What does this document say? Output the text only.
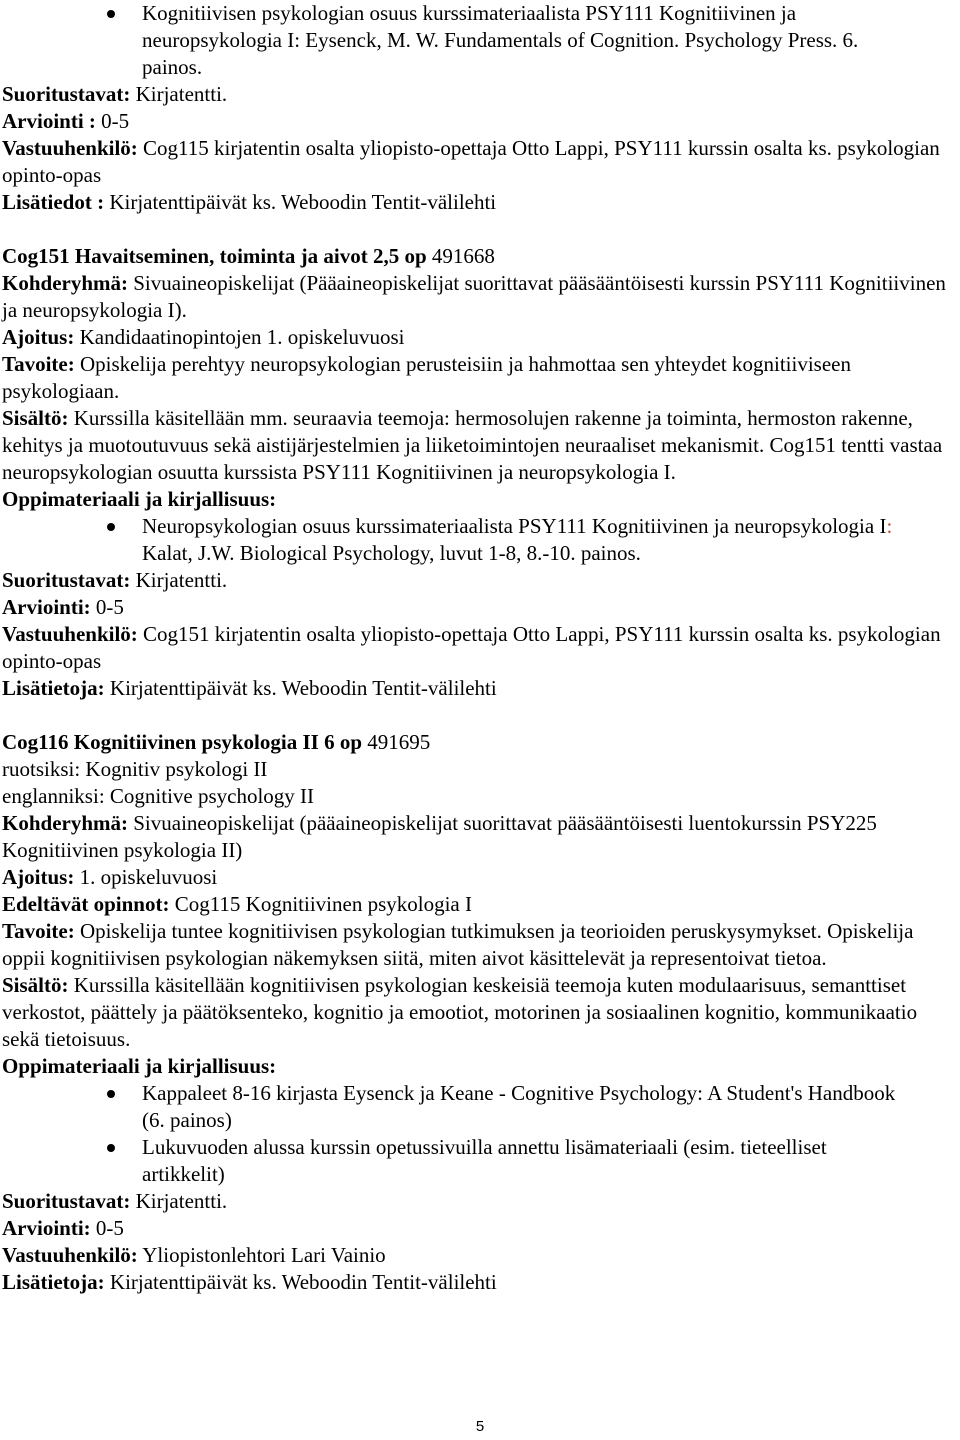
Kognitiivisen psykologian osuus kurssimateriaalista PSY111 Kognitiivinen ja neuropsykologia I: Eysenck, M. W. Fundamentals of Cognition. Psychology Press. 6. painos.

Suoritustavat: Kirjatentti.

Arviointi : 0-5

Vastuuhenkilö: Cog115 kirjatentin osalta yliopisto-opettaja Otto Lappi, PSY111 kurssin osalta ks. psykologian opinto-opas

Lisätiedot : Kirjatenttipäivät ks. Weboodin Tentit-välilehti

Cog151 Havaitseminen, toiminta ja aivot 2,5 op 491668

Kohderyhmä: Sivuaineopiskelijat (Pääaineopiskelijat suorittavat pääsääntöisesti kurssin PSY111 Kognitiivinen ja neuropsykologia I).

Ajoitus: Kandidaatinopintojen 1. opiskeluvuosi

Tavoite: Opiskelija perehtyy neuropsykologian perusteisiin ja hahmottaa sen yhteydet kognitiiviseen psykologiaan.

Sisältö: Kurssilla käsitellään mm. seuraavia teemoja: hermosolujen rakenne ja toiminta, hermoston rakenne, kehitys ja muotoutuvuus sekä aistijärjestelmien ja liiketoimintojen neuraaliset mekanismit. Cog151 tentti vastaa neuropsykologian osuutta kurssista PSY111 Kognitiivinen ja neuropsykologia I.

Oppimateriaali ja kirjallisuus:

Neuropsykologian osuus kurssimateriaalista PSY111 Kognitiivinen ja neuropsykologia I: Kalat, J.W. Biological Psychology, luvut 1-8, 8.-10. painos.

Suoritustavat: Kirjatentti.

Arviointi: 0-5

Vastuuhenkilö: Cog151 kirjatentin osalta yliopisto-opettaja Otto Lappi, PSY111 kurssin osalta ks. psykologian opinto-opas

Lisätietoja: Kirjatenttipäivät ks. Weboodin Tentit-välilehti

Cog116 Kognitiivinen psykologia II 6 op 491695

ruotsiksi: Kognitiv psykologi II

englanniksi: Cognitive psychology II

Kohderyhmä: Sivuaineopiskelijat (pääaineopiskelijat suorittavat pääsääntöisesti luentokurssin PSY225 Kognitiivinen psykologia II)

Ajoitus: 1. opiskeluvuosi

Edeltävät opinnot: Cog115 Kognitiivinen psykologia I

Tavoite: Opiskelija tuntee kognitiivisen psykologian tutkimuksen ja teorioiden peruskysymykset. Opiskelija oppii kognitiivisen psykologian näkemyksen siitä, miten aivot käsittelevät ja representoivat tietoa.

Sisältö: Kurssilla käsitellään kognitiivisen psykologian keskeisiä teemoja kuten modulaarisuus, semanttiset verkostot, päättely ja päätöksenteko, kognitio ja emootiot, motorinen ja sosiaalinen kognitio, kommunikaatio sekä tietoisuus.

Oppimateriaali ja kirjallisuus:

Kappaleet 8-16 kirjasta Eysenck ja Keane - Cognitive Psychology: A Student's Handbook (6. painos)
Lukuvuoden alussa kurssin opetussivuilla annettu lisämateriaali (esim. tieteelliset artikkelit)

Suoritustavat: Kirjatentti.

Arviointi: 0-5

Vastuuhenkilö: Yliopistonlehtori Lari Vainio

Lisätietoja: Kirjatenttipäivät ks. Weboodin Tentit-välilehti

5
